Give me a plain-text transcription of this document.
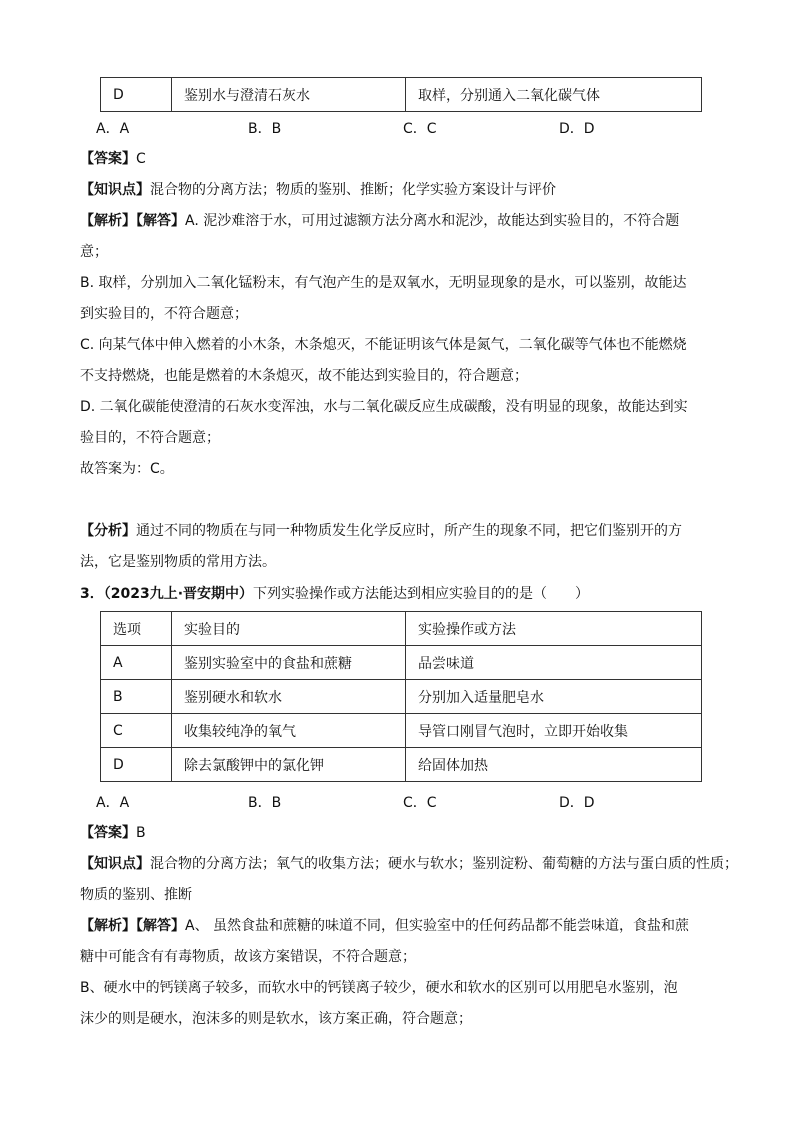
D	鉴别水与澄清石灰水	取样，分别通入二氧化碳气体
A．A	B．B	C．C	D．D
【答案】C
【知识点】混合物的分离方法；物质的鉴别、推断；化学实验方案设计与评价
【解析】【解答】A. 泥沙难溶于水，可用过滤额方法分离水和泥沙，故能达到实验目的，不符合题
意；
B. 取样，分别加入二氧化锰粉末，有气泡产生的是双氧水，无明显现象的是水，可以鉴别，故能达
到实验目的，不符合题意；
C. 向某气体中伸入燃着的小木条，木条熄灭，不能证明该气体是氮气，二氧化碳等气体也不能燃烧
不支持燃烧，也能是燃着的木条熄灭，故不能达到实验目的，符合题意；
D. 二氧化碳能使澄清的石灰水变浑浊，水与二氧化碳反应生成碳酸，没有明显的现象，故能达到实
验目的，不符合题意；
故答案为：C。
【分析】通过不同的物质在与同一种物质发生化学反应时，所产生的现象不同，把它们鉴别开的方
法，它是鉴别物质的常用方法。
3．（2023九上·晋安期中）下列实验操作或方法能达到相应实验目的的是（　　）
选项	实验目的	实验操作或方法
A	鉴别实验室中的食盐和蔗糖	品尝味道
B	鉴别硬水和软水	分别加入适量肥皂水
C	收集较纯净的氧气	导管口刚冒气泡时，立即开始收集
D	除去氯酸钾中的氯化钾	给固体加热
A．A	B．B	C．C	D．D
【答案】B
【知识点】混合物的分离方法；氧气的收集方法；硬水与软水；鉴别淀粉、葡萄糖的方法与蛋白质的性质；
物质的鉴别、推断
【解析】【解答】A、 虽然食盐和蔗糖的味道不同，但实验室中的任何药品都不能尝味道，食盐和蔗
糖中可能含有有毒物质，故该方案错误，不符合题意；
B、硬水中的钙镁离子较多，而软水中的钙镁离子较少，硬水和软水的区别可以用肥皂水鉴别，泡
沫少的则是硬水，泡沫多的则是软水，该方案正确，符合题意；
